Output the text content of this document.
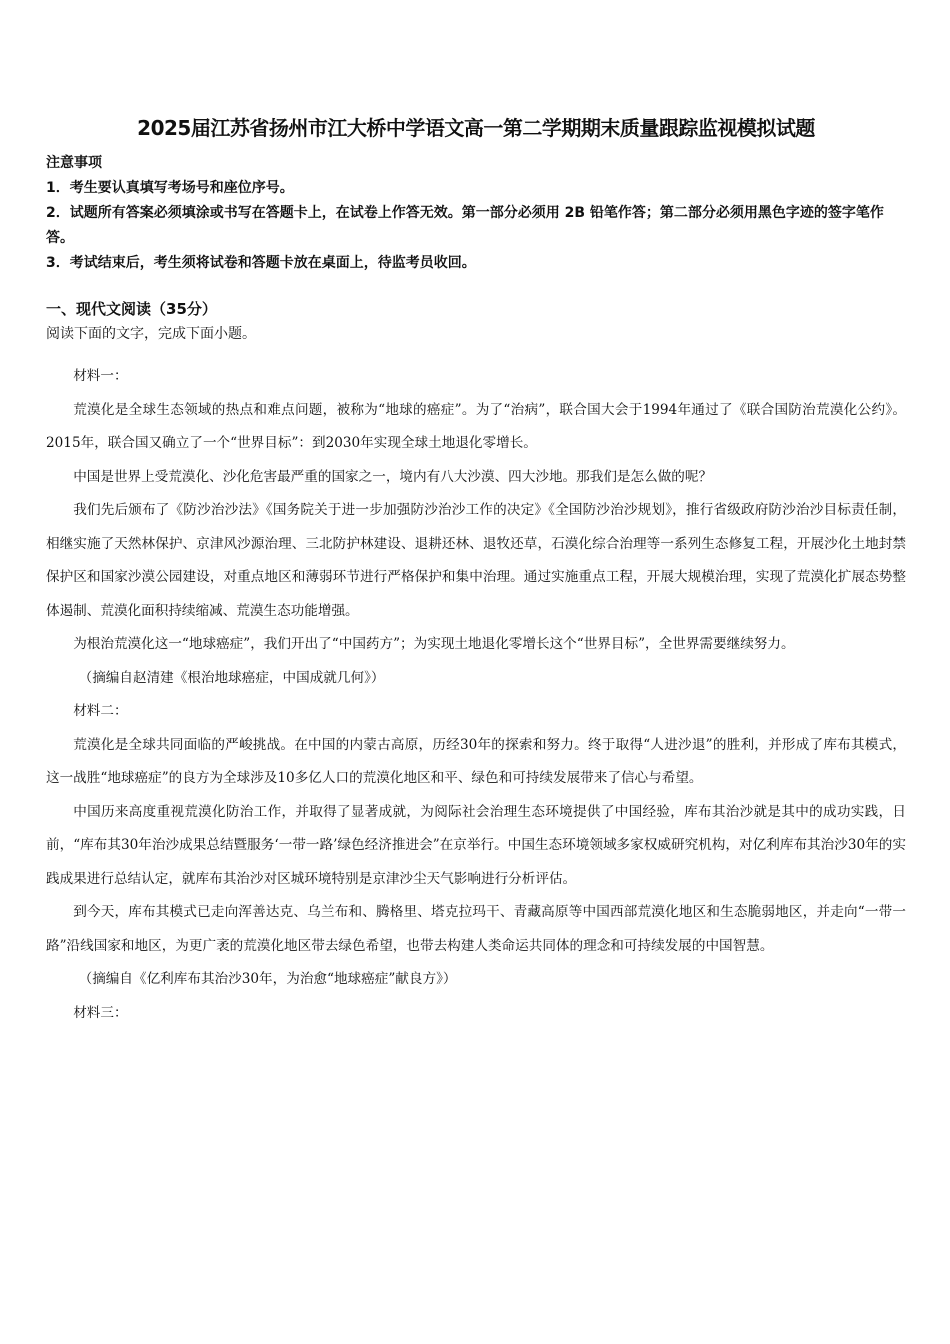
2025届江苏省扬州市江大桥中学语文高一第二学期期末质量跟踪监视模拟试题

注意事项

1．考生要认真填写考场号和座位序号。

2．试题所有答案必须填涂或书写在答题卡上，在试卷上作答无效。第一部分必须用 2B 铅笔作答；第二部分必须用黑色字迹的签字笔作答。

3．考试结束后，考生须将试卷和答题卡放在桌面上，待监考员收回。

一、现代文阅读（35分）
阅读下面的文字，完成下面小题。

材料一：

荒漠化是全球生态领域的热点和难点问题，被称为“地球的癌症”。为了“治病”，联合国大会于1994年通过了《联合国防治荒漠化公约》。2015年，联合国又确立了一个“世界目标”：到2030年实现全球土地退化零增长。

中国是世界上受荒漠化、沙化危害最严重的国家之一，境内有八大沙漠、四大沙地。那我们是怎么做的呢？

我们先后颁布了《防沙治沙法》《国务院关于进一步加强防沙治沙工作的决定》《全国防沙治沙规划》，推行省级政府防沙治沙目标责任制，相继实施了天然林保护、京津风沙源治理、三北防护林建设、退耕还林、退牧还草，石漠化综合治理等一系列生态修复工程，开展沙化土地封禁保护区和国家沙漠公园建设，对重点地区和薄弱环节进行严格保护和集中治理。通过实施重点工程，开展大规模治理，实现了荒漠化扩展态势整体遏制、荒漠化面积持续缩减、荒漠生态功能增强。

为根治荒漠化这一“地球癌症”，我们开出了“中国药方”；为实现土地退化零增长这个“世界目标”，全世界需要继续努力。

（摘编自赵清建《根治地球癌症，中国成就几何》）

材料二：

荒漠化是全球共同面临的严峻挑战。在中国的内蒙古高原，历经30年的探索和努力。终于取得“人进沙退”的胜利，并形成了库布其模式，这一战胜“地球癌症”的良方为全球涉及10多亿人口的荒漠化地区和平、绿色和可持续发展带来了信心与希望。

中国历来高度重视荒漠化防治工作，并取得了显著成就，为阅际社会治理生态环境提供了中国经验，库布其治沙就是其中的成功实践，日前，“库布其30年治沙成果总结暨服务‘一带一路’绿色经济推进会”在京举行。中国生态环境领域多家权威研究机构，对亿利库布其治沙30年的实践成果进行总结认定，就库布其治沙对区城环境特别是京津沙尘天气影响进行分析评估。

到今天，库布其模式已走向浑善达克、乌兰布和、腾格里、塔克拉玛干、青藏高原等中国西部荒漠化地区和生态脆弱地区，并走向“一带一路”沿线国家和地区，为更广袤的荒漠化地区带去绿色希望，也带去构建人类命运共同体的理念和可持续发展的中国智慧。

（摘编自《亿利库布其治沙30年，为治愈“地球癌症”献良方》）

材料三：
